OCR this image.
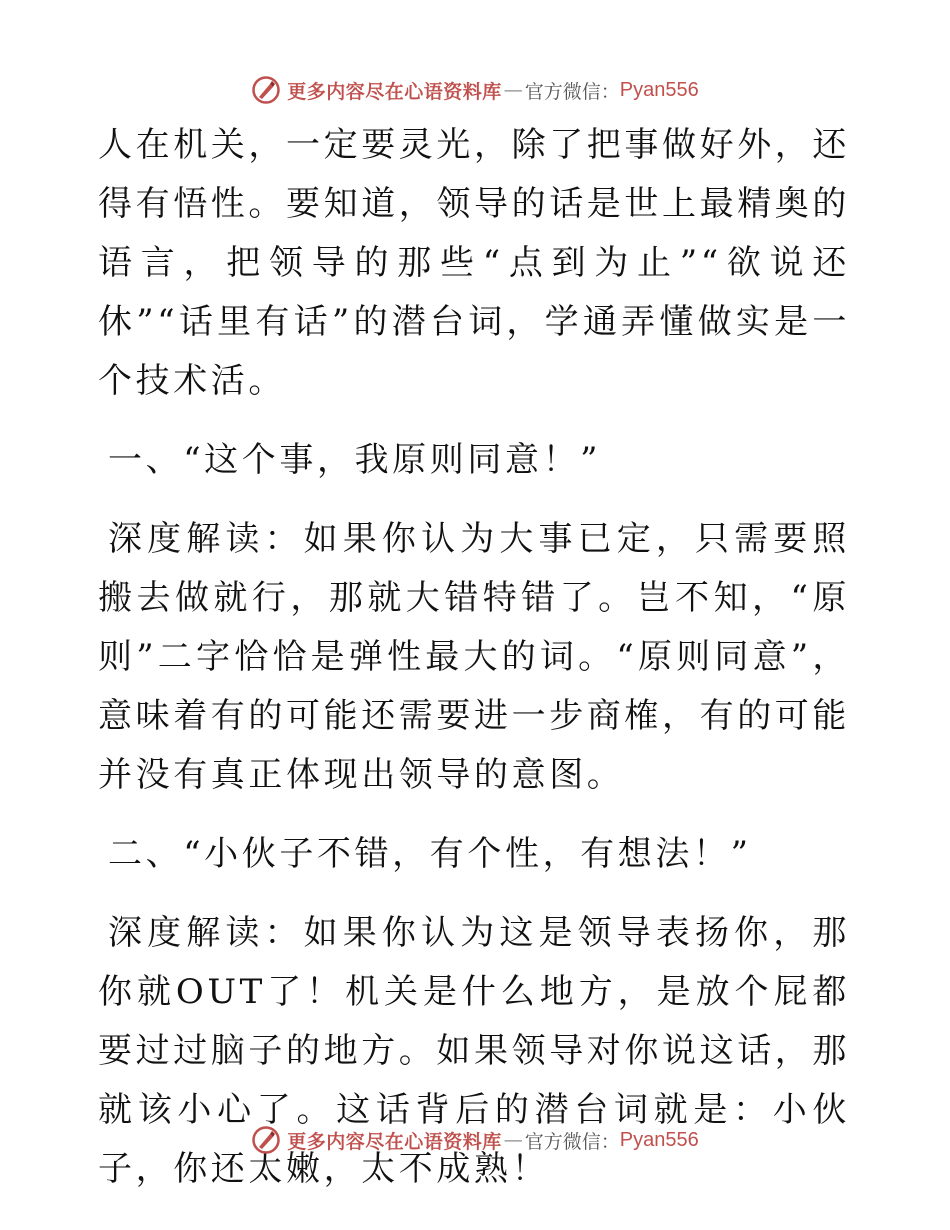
更多内容尽在心语资料库 — 官方微信： Pyan556

人在机关，一定要灵光，除了把事做好外，还得有悟性。要知道，领导的话是世上最精奥的语言，把领导的那些“点到为止”“欲说还休”“话里有话”的潜台词，学通弄懂做实是一个技术活。

一、“这个事，我原则同意！”

深度解读：如果你认为大事已定，只需要照搬去做就行，那就大错特错了。岂不知，“原则”二字恰恰是弹性最大的词。“原则同意”，意味着有的可能还需要进一步商榷，有的可能并没有真正体现出领导的意图。

二、“小伙子不错，有个性，有想法！”

深度解读：如果你认为这是领导表扬你，那你就OUT了！机关是什么地方，是放个屁都要过过脑子的地方。如果领导对你说这话，那就该小心了。这话背后的潜台词就是：小伙子，你还太嫩，太不成熟！

更多内容尽在心语资料库 — 官方微信： Pyan556
